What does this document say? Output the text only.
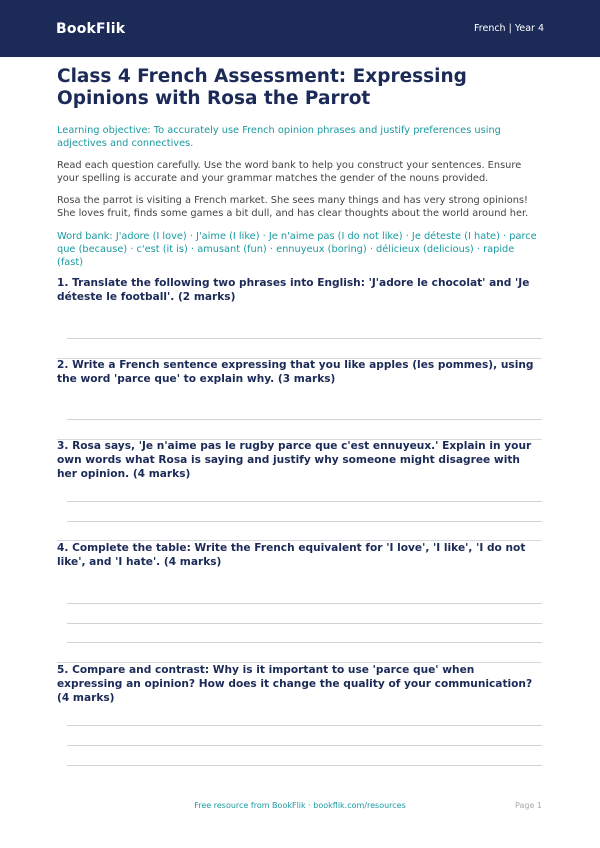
BookFlik	French | Year 4
Class 4 French Assessment: Expressing Opinions with Rosa the Parrot

Learning objective: To accurately use French opinion phrases and justify preferences using adjectives and connectives.

Read each question carefully. Use the word bank to help you construct your sentences. Ensure your spelling is accurate and your grammar matches the gender of the nouns provided.

Rosa the parrot is visiting a French market. She sees many things and has very strong opinions! She loves fruit, finds some games a bit dull, and has clear thoughts about the world around her.

Word bank: J'adore (I love) · J'aime (I like) · Je n'aime pas (I do not like) · Je déteste (I hate) · parce que (because) · c'est (it is) · amusant (fun) · ennuyeux (boring) · délicieux (delicious) · rapide (fast)

1. Translate the following two phrases into English: 'J'adore le chocolat' and 'Je déteste le football'. (2 marks)

2. Write a French sentence expressing that you like apples (les pommes), using the word 'parce que' to explain why. (3 marks)

3. Rosa says, 'Je n'aime pas le rugby parce que c'est ennuyeux.' Explain in your own words what Rosa is saying and justify why someone might disagree with her opinion. (4 marks)

4. Complete the table: Write the French equivalent for 'I love', 'I like', 'I do not like', and 'I hate'. (4 marks)

5. Compare and contrast: Why is it important to use 'parce que' when expressing an opinion? How does it change the quality of your communication? (4 marks)

Free resource from BookFlik · bookflik.com/resources	Page 1
